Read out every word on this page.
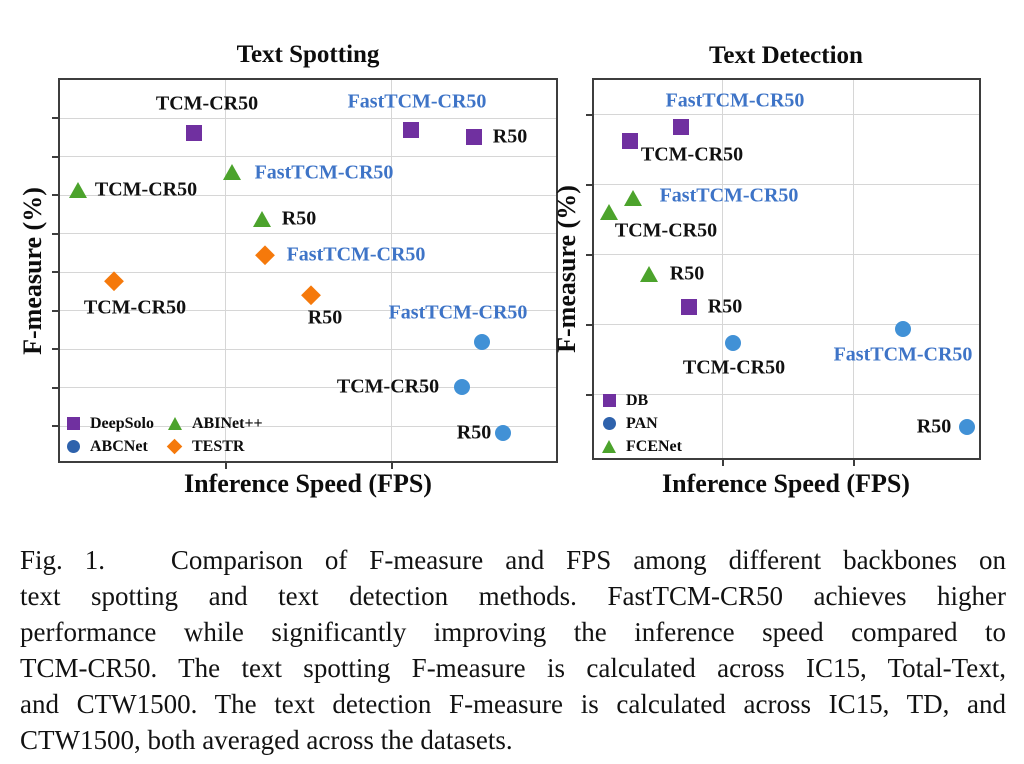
Text Spotting
F-measure (%)
Inference Speed (FPS)
TCM-CR50	FastTCM-CR50
R50
FastTCM-CR50
TCM-CR50
R50
FastTCM-CR50
TCM-CR50	R50 FastTCM-CR50
TCM-CR50
R50
DeepSolo ABINet++
ABCNet	TESTR
Text Detection
F-measure (%)
Inference Speed (FPS)
FastTCM-CR50
TCM-CR50
R50
TCM-CR50
FastTCM-CR50
R50
FastTCM-CR50
TCM-CR50
R50
DB
PAN
FCENet
Fig. 1.   Comparison of F-measure and FPS among different backbones on
text spotting and text detection methods. FastTCM-CR50 achieves higher
performance while significantly improving the inference speed compared to
TCM-CR50. The text spotting F-measure is calculated across IC15, Total-Text,
and CTW1500. The text detection F-measure is calculated across IC15, TD, and
CTW1500, both averaged across the datasets.
